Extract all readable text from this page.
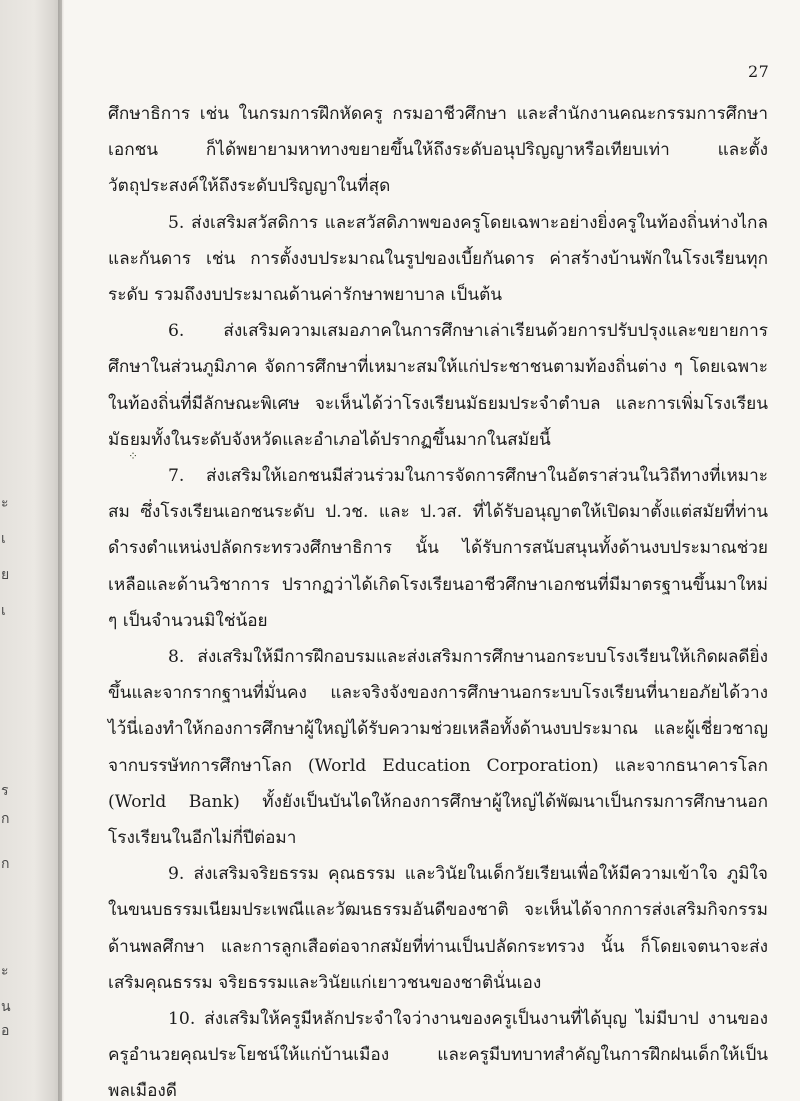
ะ
เ
ย
เ
ร
ก
ก
ะ
น
อ
27
⁘

ศึกษาธิการ เช่น ในกรมการฝึกหัดครู กรมอาชีวศึกษา และสำนักงานคณะกรรมการศึกษาเอกชน ก็ได้พยายามหาทางขยายขึ้นให้ถึงระดับอนุปริญญาหรือเทียบเท่า และตั้งวัตถุประสงค์ให้ถึงระดับปริญญาในที่สุด

5. ส่งเสริมสวัสดิการ และสวัสดิภาพของครูโดยเฉพาะอย่างยิ่งครูในท้องถิ่นห่างไกลและกันดาร เช่น การตั้งงบประมาณในรูปของเบี้ยกันดาร ค่าสร้างบ้านพักในโรงเรียนทุกระดับ รวมถึงงบประมาณด้านค่ารักษาพยาบาล เป็นต้น

6. ส่งเสริมความเสมอภาคในการศึกษาเล่าเรียนด้วยการปรับปรุงและขยายการศึกษาในส่วนภูมิภาค จัดการศึกษาที่เหมาะสมให้แก่ประชาชนตามท้องถิ่นต่าง ๆ โดยเฉพาะในท้องถิ่นที่มีลักษณะพิเศษ จะเห็นได้ว่าโรงเรียนมัธยมประจำตำบล และการเพิ่มโรงเรียนมัธยมทั้งในระดับจังหวัดและอำเภอได้ปรากฏขึ้นมากในสมัยนี้

7. ส่งเสริมให้เอกชนมีส่วนร่วมในการจัดการศึกษาในอัตราส่วนในวิถีทางที่เหมาะสม ซึ่งโรงเรียนเอกชนระดับ ป.วช. และ ป.วส. ที่ได้รับอนุญาตให้เปิดมาตั้งแต่สมัยที่ท่านดำรงตำแหน่งปลัดกระทรวงศึกษาธิการ นั้น ได้รับการสนับสนุนทั้งด้านงบประมาณช่วยเหลือและด้านวิชาการ ปรากฏว่าได้เกิดโรงเรียนอาชีวศึกษาเอกชนที่มีมาตรฐานขึ้นมาใหม่ ๆ เป็นจำนวนมิใช่น้อย

8. ส่งเสริมให้มีการฝึกอบรมและส่งเสริมการศึกษานอกระบบโรงเรียนให้เกิดผลดียิ่งขึ้นและจากรากฐานที่มั่นคง และจริงจังของการศึกษานอกระบบโรงเรียนที่นายอภัยได้วางไว้นี่เองทำให้กองการศึกษาผู้ใหญ่ได้รับความช่วยเหลือทั้งด้านงบประมาณ และผู้เชี่ยวชาญจากบรรษัทการศึกษาโลก (World Education Corporation) และจากธนาคารโลก (World Bank) ทั้งยังเป็นบันไดให้กองการศึกษาผู้ใหญ่ได้พัฒนาเป็นกรมการศึกษานอกโรงเรียนในอีกไม่กี่ปีต่อมา

9. ส่งเสริมจริยธรรม คุณธรรม และวินัยในเด็กวัยเรียนเพื่อให้มีความเข้าใจ ภูมิใจในขนบธรรมเนียมประเพณีและวัฒนธรรมอันดีของชาติ จะเห็นได้จากการส่งเสริมกิจกรรมด้านพลศึกษา และการลูกเสือต่อจากสมัยที่ท่านเป็นปลัดกระทรวง นั้น ก็โดยเจตนาจะส่งเสริมคุณธรรม จริยธรรมและวินัยแก่เยาวชนของชาตินั่นเอง

10. ส่งเสริมให้ครูมีหลักประจำใจว่างานของครูเป็นงานที่ได้บุญ ไม่มีบาป งานของครูอำนวยคุณประโยชน์ให้แก่บ้านเมือง และครูมีบทบาทสำคัญในการฝึกฝนเด็กให้เป็นพลเมืองดี
